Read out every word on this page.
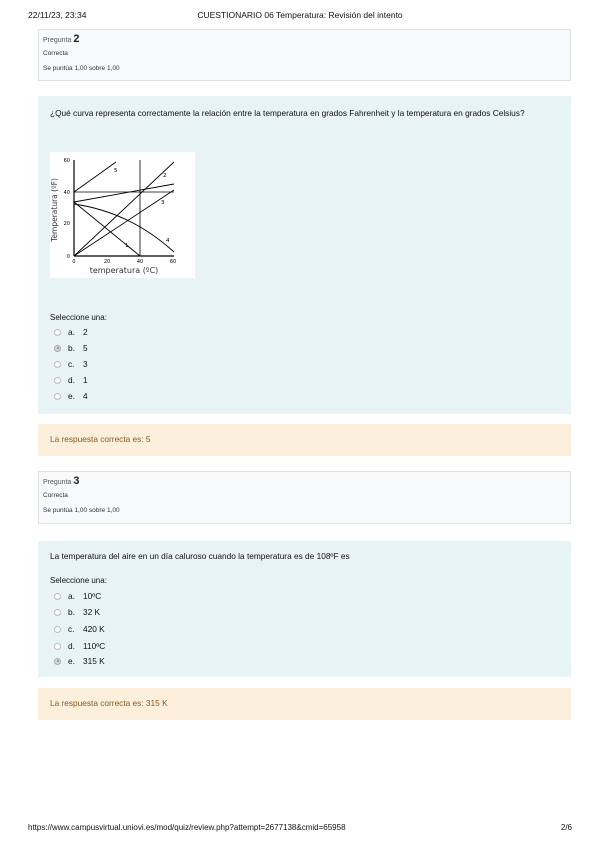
22/11/23, 23:34	CUESTIONARIO 06 Temperatura: Revisión del intento
Pregunta 2
Correcta
Se puntúa 1,00 sobre 1,00
¿Qué curva representa correctamente la relación entre la temperatura en grados Fahrenheit y la temperatura en grados Celsius?
60
40
20
0
0	20	40	60
temperatura (ºC)
Temperatura (ºF)
5
2
3
1
4
Seleccione una:
a. 2
b. 5
c.	3
d. 1
e. 4
La respuesta correcta es: 5
Pregunta 3
Correcta
Se puntúa 1,00 sobre 1,00
La temperatura del aire en un día caluroso cuando la temperatura es de 108ºF es
Seleccione una:
a. 10ºC
b. 32 K
c.	420 K
d. 110ºC
e. 315 K
La respuesta correcta es: 315 K
https://www.campusvirtual.uniovi.es/mod/quiz/review.php?attempt=2677138&cmid=65958	2/6
